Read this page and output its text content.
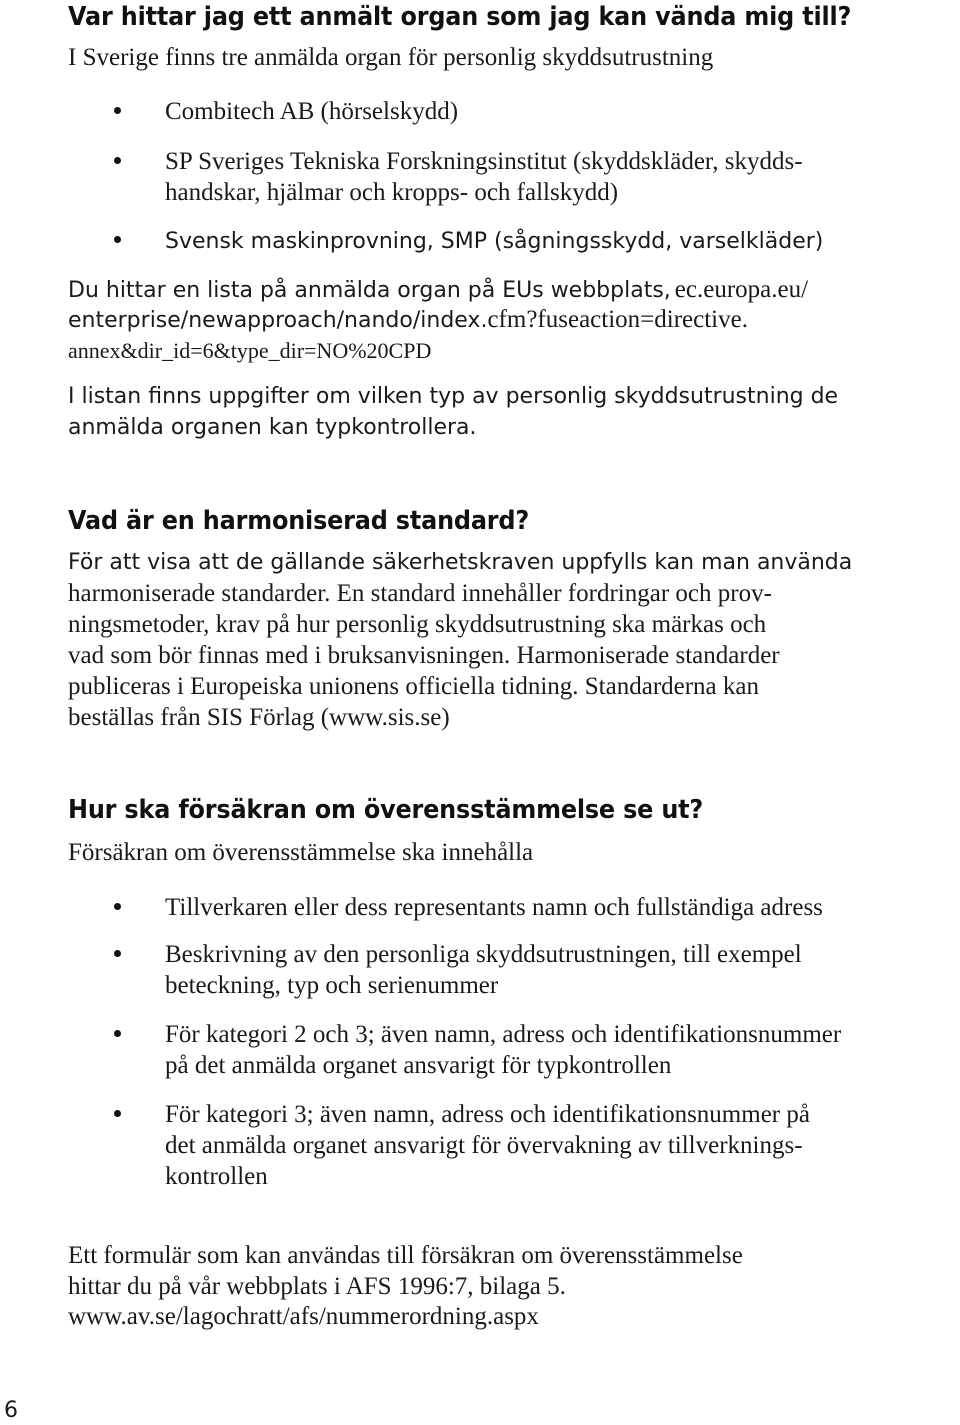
Var hittar jag ett anmält organ som jag kan vända mig till?
I Sverige finns tre anmälda organ för personlig skyddsutrustning
Combitech AB (hörselskydd)
SP Sveriges Tekniska Forskningsinstitut (skyddskläder, skydds-
handskar, hjälmar och kropps- och fallskydd)
Svensk maskinprovning, SMP (sågningsskydd, varselkläder)
Du hittar en lista på anmälda organ på EUs webbplats, ec.europa.eu/
enterprise/newapproach/nando/index.cfm?fuseaction=directive.
annex&dir_id=6&type_dir=NO%20CPD
I listan finns uppgifter om vilken typ av personlig skyddsutrustning de
anmälda organen kan typkontrollera.
Vad är en harmoniserad standard?
För att visa att de gällande säkerhetskraven uppfylls kan man använda
harmoniserade standarder. En standard innehåller fordringar och prov-
ningsmetoder, krav på hur personlig skyddsutrustning ska märkas och
vad som bör finnas med i bruksanvisningen. Harmoniserade standarder
publiceras i Europeiska unionens officiella tidning. Standarderna kan
beställas från SIS Förlag (www.sis.se)
Hur ska försäkran om överensstämmelse se ut?
Försäkran om överensstämmelse ska innehålla
Tillverkaren eller dess representants namn och fullständiga adress
Beskrivning av den personliga skyddsutrustningen, till exempel
beteckning, typ och serienummer
För kategori 2 och 3; även namn, adress och identifikationsnummer
på det anmälda organet ansvarigt för typkontrollen
För kategori 3; även namn, adress och identifikationsnummer på
det anmälda organet ansvarigt för övervakning av tillverknings-
kontrollen
Ett formulär som kan användas till försäkran om överensstämmelse
hittar du på vår webbplats i AFS 1996:7, bilaga 5.
www.av.se/lagochratt/afs/nummerordning.aspx
6
